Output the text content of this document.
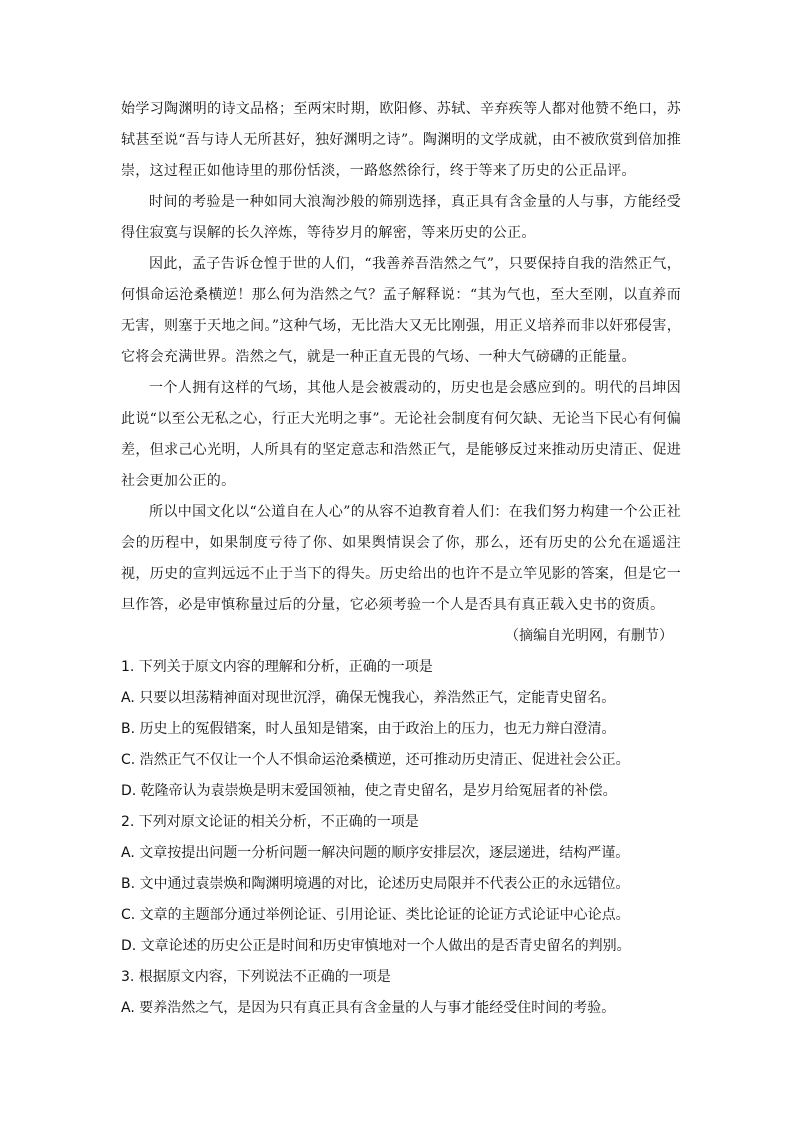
始学习陶渊明的诗文品格；至两宋时期，欧阳修、苏轼、辛弃疾等人都对他赞不绝口，苏轼甚至说“吾与诗人无所甚好，独好渊明之诗”。陶渊明的文学成就，由不被欣赏到倍加推崇，这过程正如他诗里的那份恬淡，一路悠然徐行，终于等来了历史的公正品评。

时间的考验是一种如同大浪淘沙般的筛别选择，真正具有含金量的人与事，方能经受得住寂寞与误解的长久淬炼，等待岁月的解密，等来历史的公正。

因此，孟子告诉仓惶于世的人们，“我善养吾浩然之气”，只要保持自我的浩然正气，何惧命运沧桑横逆！那么何为浩然之气？孟子解释说：“其为气也，至大至刚，以直养而无害，则塞于天地之间。”这种气场，无比浩大又无比刚强，用正义培养而非以奸邪侵害，它将会充满世界。浩然之气，就是一种正直无畏的气场、一种大气磅礴的正能量。

一个人拥有这样的气场，其他人是会被震动的，历史也是会感应到的。明代的吕坤因此说“以至公无私之心，行正大光明之事”。无论社会制度有何欠缺、无论当下民心有何偏差，但求己心光明，人所具有的坚定意志和浩然正气，是能够反过来推动历史清正、促进社会更加公正的。

所以中国文化以“公道自在人心”的从容不迫教育着人们：在我们努力构建一个公正社会的历程中，如果制度亏待了你、如果舆情误会了你，那么，还有历史的公允在遥遥注视，历史的宣判远远不止于当下的得失。历史给出的也许不是立竿见影的答案，但是它一旦作答，必是审慎称量过后的分量，它必须考验一个人是否具有真正载入史书的资质。

（摘编自光明网，有删节）

1. 下列关于原文内容的理解和分析，正确的一项是

A. 只要以坦荡精神面对现世沉浮，确保无愧我心，养浩然正气，定能青史留名。

B. 历史上的冤假错案，时人虽知是错案，由于政治上的压力，也无力辩白澄清。

C. 浩然正气不仅让一个人不惧命运沧桑横逆，还可推动历史清正、促进社会公正。

D. 乾隆帝认为袁崇焕是明末爱国领袖，使之青史留名，是岁月给冤屈者的补偿。

2. 下列对原文论证的相关分析，不正确的一项是

A. 文章按提出问题一分析问题一解决问题的顺序安排层次，逐层递进，结构严谨。

B. 文中通过袁崇焕和陶渊明境遇的对比，论述历史局限并不代表公正的永远错位。

C. 文章的主题部分通过举例论证、引用论证、类比论证的论证方式论证中心论点。

D. 文章论述的历史公正是时间和历史审慎地对一个人做出的是否青史留名的判别。

3. 根据原文内容，下列说法不正确的一项是

A. 要养浩然之气，是因为只有真正具有含金量的人与事才能经受住时间的考验。
